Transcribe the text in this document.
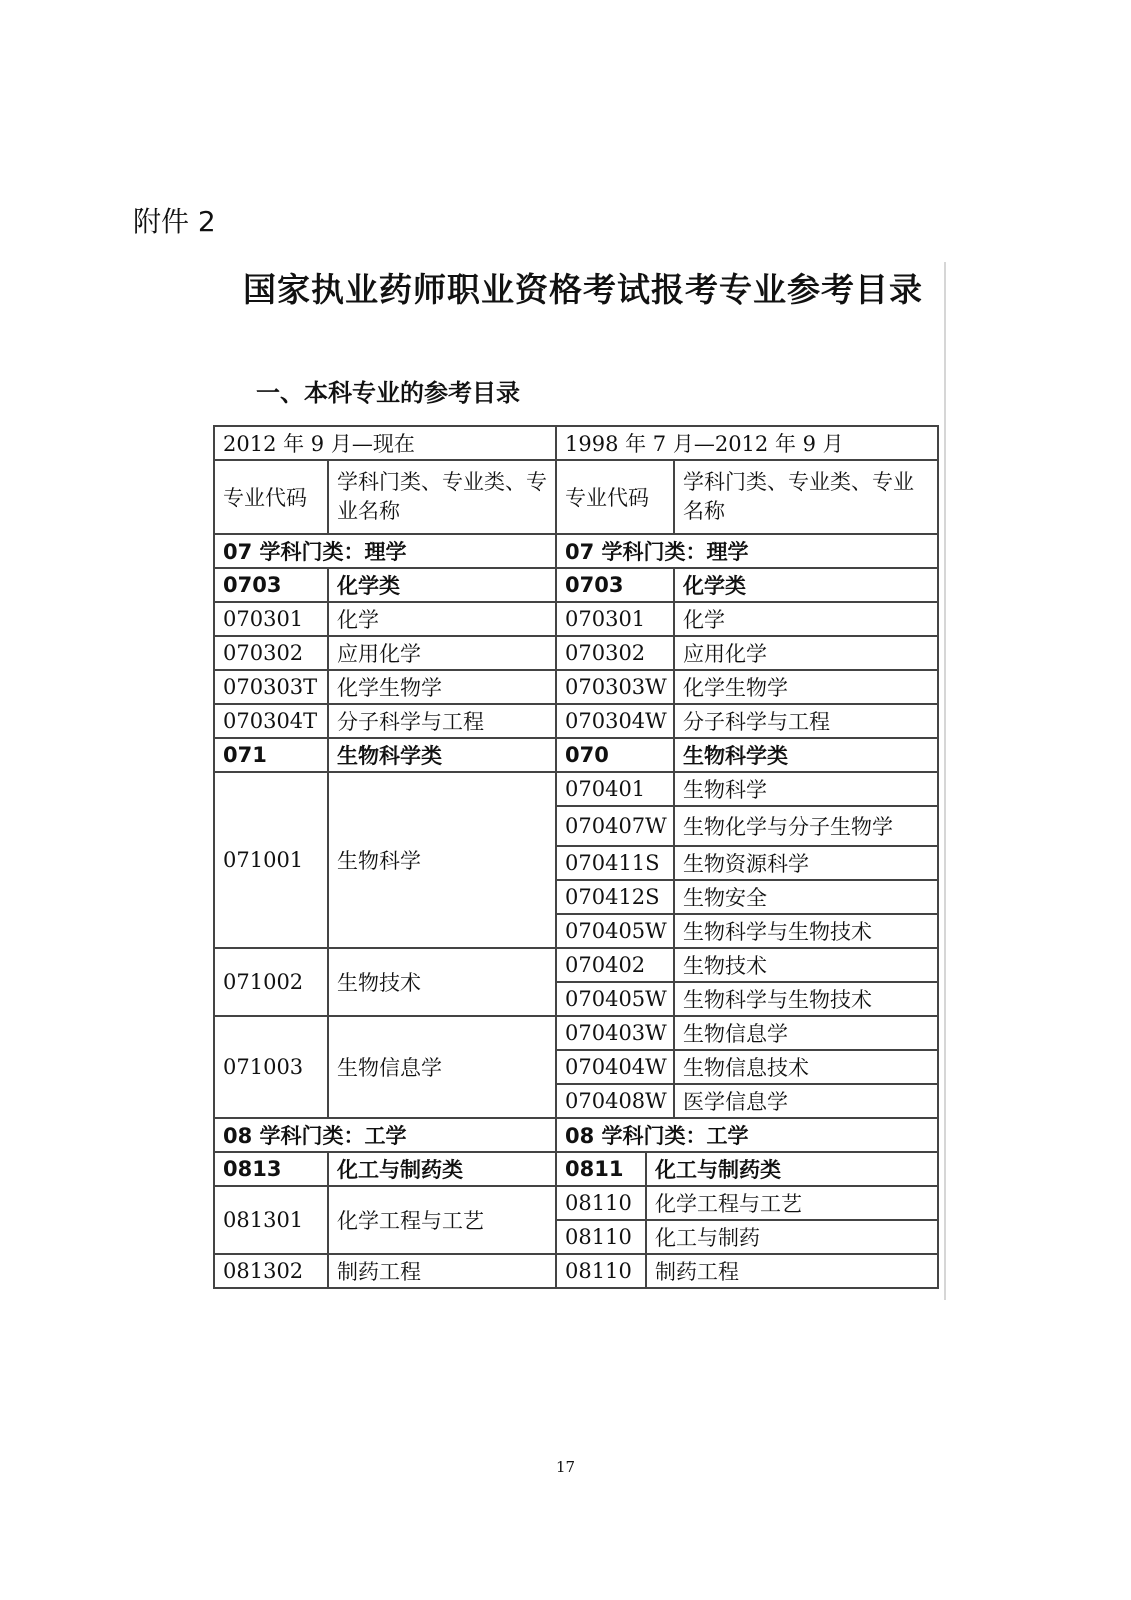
附件 2
国家执业药师职业资格考试报考专业参考目录
一、本科专业的参考目录
2012 年 9 月—现在		1998 年 7 月—2012 年 9 月		
专业代码	学科门类、专业类、专业名称	专业代码		学科门类、专业类、专业名称
07 学科门类：理学		07 学科门类：理学		
0703	化学类	0703		化学类
070301	化学	070301		化学
070302	应用化学	070302		应用化学
070303T	化学生物学	070303W		化学生物学
070304T	分子科学与工程	070304W		分子科学与工程
071	生物科学类	070		生物科学类
071001	生物科学	070401		生物科学
		070407W		生物化学与分子生物学
		070411S		生物资源科学
		070412S		生物安全
		070405W		生物科学与生物技术
071002	生物技术	070402		生物技术
		070405W		生物科学与生物技术
071003	生物信息学	070403W		生物信息学
		070404W		生物信息技术
		070408W		医学信息学
08 学科门类：工学		08 学科门类：工学		
0813	化工与制药类	0811	化工与制药类	
081301	化学工程与工艺	08110	化学工程与工艺	
		08110	化工与制药	
081302	制药工程	08110	制药工程	
17
